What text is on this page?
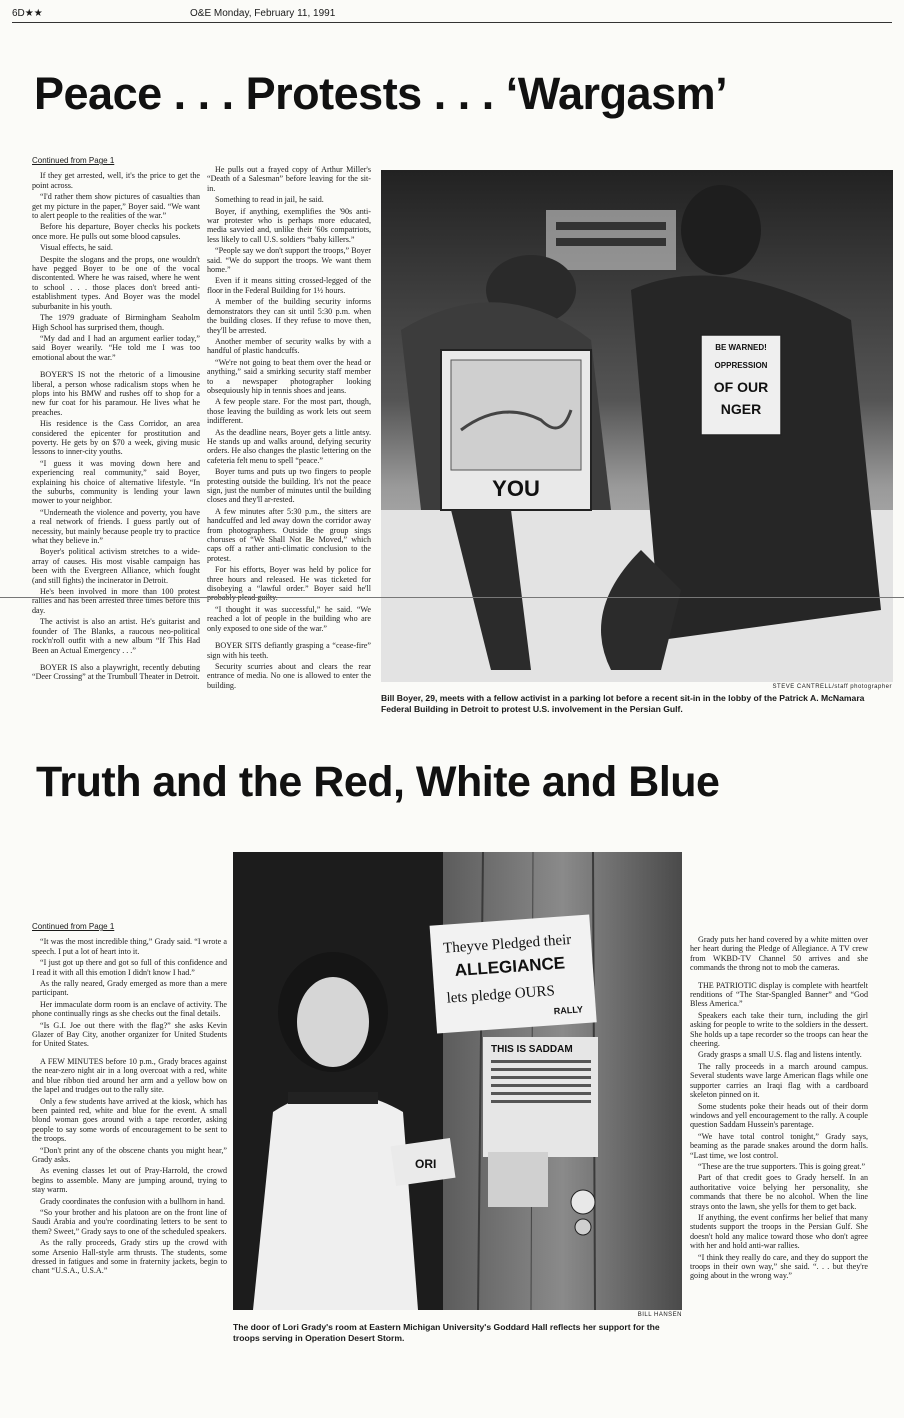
6D★★	O&E Monday, February 11, 1991
Peace . . . Protests . . . ‘Wargasm’

Continued from Page 1

If they get arrested, well, it's the price to get the point across.

“I'd rather them show pictures of casualties than get my picture in the paper,” Boyer said. “We want to alert people to the realities of the war.”

Before his departure, Boyer checks his pockets once more. He pulls out some blood capsules.

Visual effects, he said.

Despite the slogans and the props, one wouldn't have pegged Boyer to be one of the vocal discontented. Where he was raised, where he went to school . . . those places don't breed anti-establishment types. And Boyer was the model suburbanite in his youth.

The 1979 graduate of Birmingham Seaholm High School has surprised them, though.

“My dad and I had an argument earlier today,” said Boyer wearily. “He told me I was too emotional about the war.”

BOYER'S IS not the rhetoric of a limousine liberal, a person whose radicalism stops when he plops into his BMW and rushes off to shop for a new fur coat for his paramour. He lives what he preaches.

His residence is the Cass Corridor, an area considered the epicenter for prostitution and poverty. He gets by on $70 a week, giving music lessons to inner-city youths.

“I guess it was moving down here and experiencing real community,” said Boyer, explaining his choice of alternative lifestyle. “In the suburbs, community is lending your lawn mower to your neighbor.

“Underneath the violence and poverty, you have a real network of friends. I guess partly out of necessity, but mainly because people try to practice what they believe in.”

Boyer's political activism stretches to a wide-array of causes. His most visable campaign has been with the Evergreen Alliance, which fought (and still fights) the incinerator in Detroit.

He's been involved in more than 100 protest rallies and has been arrested three times before this day.

The activist is also an artist. He's guitarist and founder of The Blanks, a raucous neo-political rock'n'roll outfit with a new album “If This Had Been an Actual Emergency . . .”

BOYER IS also a playwright, recently debuting “Deer Crossing” at the Trumbull Theater in Detroit.

He pulls out a frayed copy of Arthur Miller's “Death of a Salesman” before leaving for the sit-in.

Something to read in jail, he said.

Boyer, if anything, exemplifies the '90s anti-war protester who is perhaps more educated, media savvied and, unlike their '60s compatriots, less likely to call U.S. soldiers “baby killers.”

“People say we don't support the troops,” Boyer said. “We do support the troops. We want them home.”

Even if it means sitting crossed-legged of the floor in the Federal Building for 1½ hours.

A member of the building security informs demonstrators they can sit until 5:30 p.m. when the building closes. If they refuse to move then, they'll be arrested.

Another member of security walks by with a handful of plastic handcuffs.

“We're not going to beat them over the head or anything,” said a smirking security staff member to a newspaper photographer looking obsequiously hip in tennis shoes and jeans.

A few people stare. For the most part, though, those leaving the building as work lets out seem indifferent.

As the deadline nears, Boyer gets a little antsy. He stands up and walks around, defying security orders. He also changes the plastic lettering on the cafeteria felt menu to spell “peace.”

Boyer turns and puts up two fingers to people protesting outside the building. It's not the peace sign, just the number of minutes until the building closes and they'll ar-rested.

A few minutes after 5:30 p.m., the sitters are handcuffed and led away down the corridor away from photographers. Outside the group sings choruses of “We Shall Not Be Moved,” which caps off a rather anti-climatic conclusion to the protest.

For his efforts, Boyer was held by police for three hours and released. He was ticketed for disobeying a “lawful order.” Boyer said he'll probably plead guilty.

“I thought it was successful,” he said. “We reached a lot of people in the building who are only exposed to one side of the war.”

BOYER SITS defiantly grasping a “cease-fire” sign with his teeth.

Security scurries about and clears the rear entrance of media. No one is allowed to enter the building.

YOU
BE WARNED!
OPPRESSION
OF OUR
NGER
STEVE CANTRELL/staff photographer
Bill Boyer, 29, meets with a fellow activist in a parking lot before a recent sit-in in the lobby of the Patrick A. McNamara Federal Building in Detroit to protest U.S. involvement in the Persian Gulf.
Truth and the Red, White and Blue

Continued from Page 1

“It was the most incredible thing,” Grady said. “I wrote a speech. I put a lot of heart into it.

“I just got up there and got so full of this confidence and I read it with all this emotion I didn't know I had.”

As the rally neared, Grady emerged as more than a mere participant.

Her immaculate dorm room is an enclave of activity. The phone continually rings as she checks out the final details.

“Is G.I. Joe out there with the flag?” she asks Kevin Glazer of Bay City, another organizer for United Students for United States.

A FEW MINUTES before 10 p.m., Grady braces against the near-zero night air in a long overcoat with a red, white and blue ribbon tied around her arm and a yellow bow on the lapel and trudges out to the rally site.

Only a few students have arrived at the kiosk, which has been painted red, white and blue for the event. A small blond woman goes around with a tape recorder, asking people to say some words of encouragement to be sent to the troops.

“Don't print any of the obscene chants you might hear,” Grady asks.

As evening classes let out of Pray-Harrold, the crowd begins to assemble. Many are jumping around, trying to stay warm.

Grady coordinates the confusion with a bullhorn in hand.

“So your brother and his platoon are on the front line of Saudi Arabia and you're coordinating letters to be sent to them? Sweet,” Grady says to one of the scheduled speakers.

As the rally proceeds, Grady stirs up the crowd with some Arsenio Hall-style arm thrusts. The students, some dressed in fatigues and some in fraternity jackets, begin to chant “U.S.A., U.S.A.”

ORI
Theyve Pledged their
ALLEGIANCE
lets pledge OURS
RALLY
THIS IS SADDAM
BILL HANSEN
The door of Lori Grady's room at Eastern Michigan University's Goddard Hall reflects her support for the troops serving in Operation Desert Storm.

Grady puts her hand covered by a white mitten over her heart during the Pledge of Allegiance. A TV crew from WKBD-TV Channel 50 arrives and she commands the throng not to mob the cameras.

THE PATRIOTIC display is complete with heartfelt renditions of “The Star-Spangled Banner” and “God Bless America.”

Speakers each take their turn, including the girl asking for people to write to the soldiers in the dessert. She holds up a tape recorder so the troops can hear the cheering.

Grady grasps a small U.S. flag and listens intently.

The rally proceeds in a march around campus. Several students wave large American flags while one supporter carries an Iraqi flag with a cardboard skeleton pinned on it.

Some students poke their heads out of their dorm windows and yell encouragement to the rally. A couple question Saddam Hussein's parentage.

“We have total control tonight,” Grady says, beaming as the parade snakes around the dorm halls. “Last time, we lost control.

“These are the true supporters. This is going great.”

Part of that credit goes to Grady herself. In an authoritative voice belying her personality, she commands that there be no alcohol. When the line strays onto the lawn, she yells for them to get back.

If anything, the event confirms her belief that many students support the troops in the Persian Gulf. She doesn't hold any malice toward those who don't agree with her and hold anti-war rallies.

“I think they really do care, and they do support the troops in their own way,” she said. “. . . but they're going about in the wrong way.”
